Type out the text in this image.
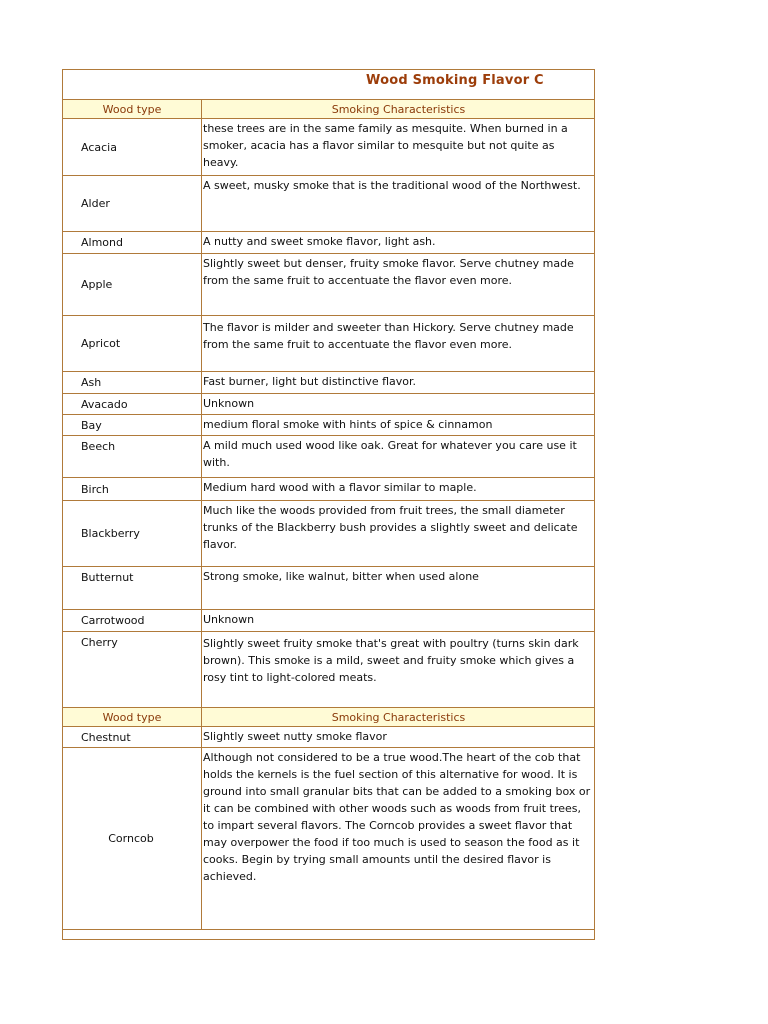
Wood Smoking Flavor C

Wood type	Smoking Characteristics
Acacia	these trees are in the same family as mesquite. When burned in a smoker, acacia has a flavor similar to mesquite but not quite as heavy.
Alder	A sweet, musky smoke that is the traditional wood of the Northwest.
Almond	A nutty and sweet smoke flavor, light ash.
Apple	Slightly sweet but denser, fruity smoke flavor. Serve chutney made from the same fruit to accentuate the flavor even more.
Apricot	The flavor is milder and sweeter than Hickory. Serve chutney made from the same fruit to accentuate the flavor even more.
Ash	Fast burner, light but distinctive flavor.
Avacado	Unknown
Bay	medium floral smoke with hints of spice & cinnamon
Beech	A mild much used wood like oak. Great for whatever you care use it with.
Birch	Medium hard wood with a flavor similar to maple.
Blackberry	Much like the woods provided from fruit trees, the small diameter trunks of the Blackberry bush provides a slightly sweet and delicate flavor.
Butternut	Strong smoke, like walnut, bitter when used alone
Carrotwood	Unknown
Cherry	Slightly sweet fruity smoke that's great with poultry (turns skin dark brown). This smoke is a mild, sweet and fruity smoke which gives a rosy tint to light-colored meats.
Wood type	Smoking Characteristics
Chestnut	Slightly sweet nutty smoke flavor
Corncob	Although not considered to be a true wood.The heart of the cob that holds the kernels is the fuel section of this alternative for wood. It is ground into small granular bits that can be added to a smoking box or it can be combined with other woods such as woods from fruit trees, to impart several flavors. The Corncob provides a sweet flavor that may overpower the food if too much is used to season the food as it cooks. Begin by trying small amounts until the desired flavor is achieved.
